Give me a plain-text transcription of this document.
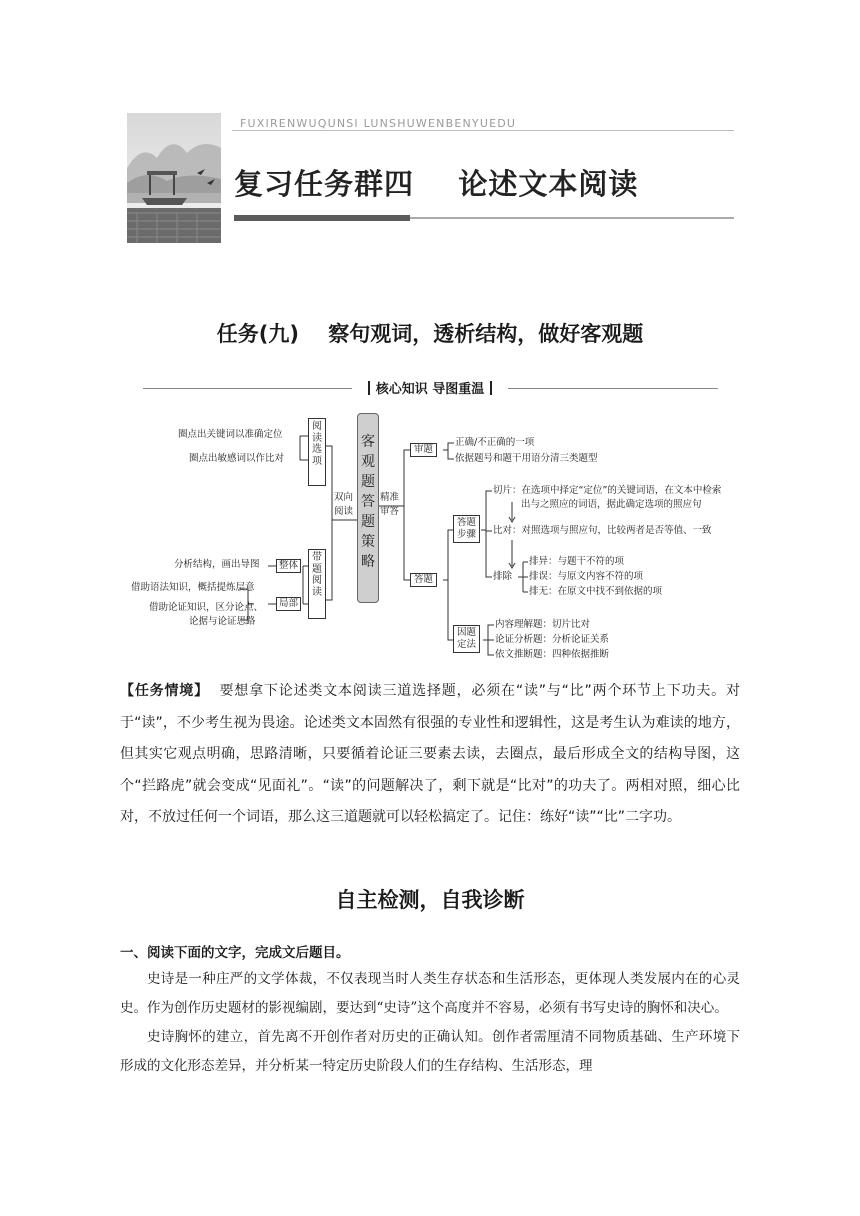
FUXIRENWUQUNSI LUNSHUWENBENYUEDU
复习任务群四    论述文本阅读
任务(九)    察句观词，透析结构，做好客观题
核心知识 导图重温
圈点出关键词以准确定位
圈点出敏感词以作比对
阅
读
选
项
双向
阅读
带
题
阅
读
整体
局部
分析结构，画出导图
借助语法知识，概括提炼层意
借助论证知识，区分论点、
论据与论证思路
客
观
题
答
题
策
略
精准
审答
审题
正确/不正确的一项
依据题号和题干用语分清三类题型
答题
答题
步骤
切片：在选项中择定“定位”的关键词语，在文本中检索
出与之照应的词语，据此确定选项的照应句
比对：对照选项与照应句，比较两者是否等值、一致
排除
排异：与题干不符的项
排误：与原文内容不符的项
排无：在原文中找不到依据的项
因题
定法
内容理解题：切片比对
论证分析题：分析论证关系
依文推断题：四种依据推断
【任务情境】 要想拿下论述类文本阅读三道选择题，必须在“读”与“比”两个环节上下功夫。对于“读”，不少考生视为畏途。论述类文本固然有很强的专业性和逻辑性，这是考生认为难读的地方，但其实它观点明确，思路清晰，只要循着论证三要素去读，去圈点，最后形成全文的结构导图，这个“拦路虎”就会变成“见面礼”。“读”的问题解决了，剩下就是“比对”的功夫了。两相对照，细心比对，不放过任何一个词语，那么这三道题就可以轻松搞定了。记住：练好“读”“比”二字功。
自主检测，自我诊断
一、阅读下面的文字，完成文后题目。
史诗是一种庄严的文学体裁，不仅表现当时人类生存状态和生活形态，更体现人类发展内在的心灵史。作为创作历史题材的影视编剧，要达到“史诗”这个高度并不容易，必须有书写史诗的胸怀和决心。
史诗胸怀的建立，首先离不开创作者对历史的正确认知。创作者需厘清不同物质基础、生产环境下形成的文化形态差异，并分析某一特定历史阶段人们的生存结构、生活形态，理
